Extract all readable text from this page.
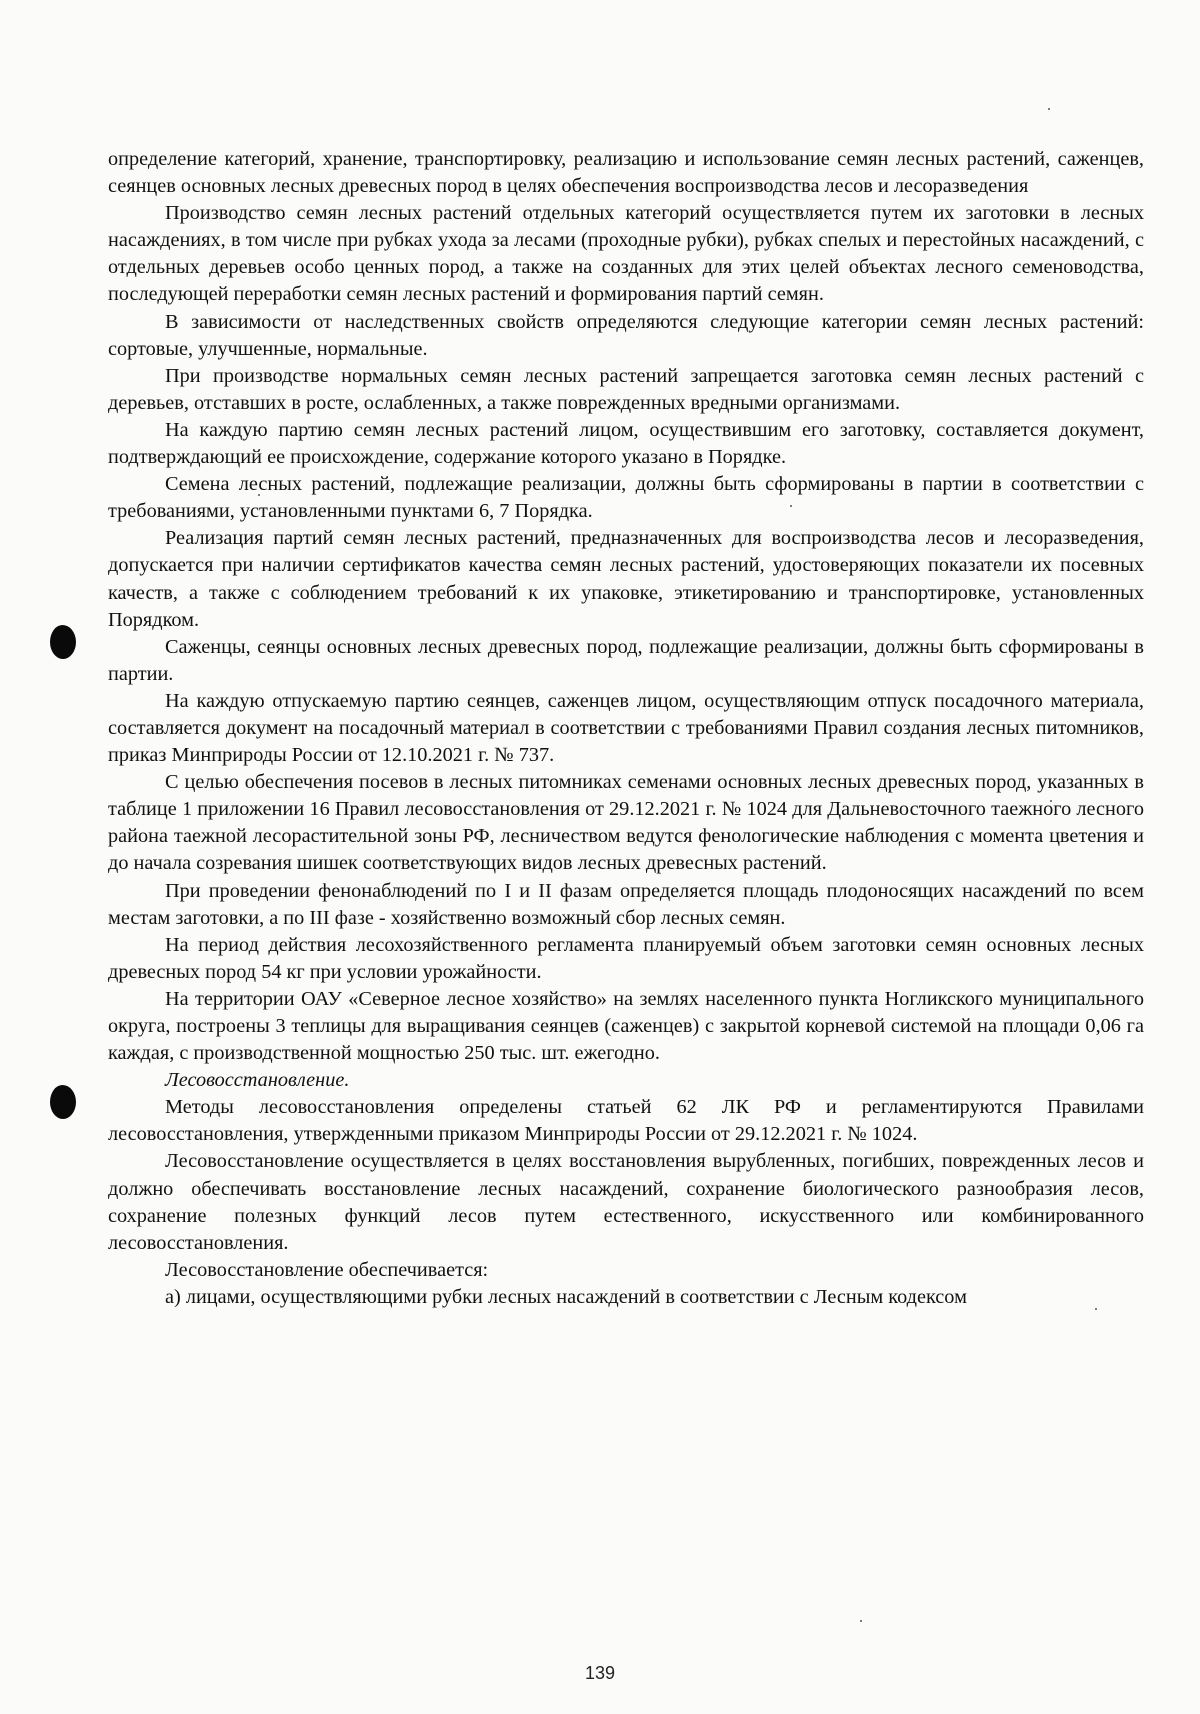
определение категорий, хранение, транспортировку, реализацию и использование семян лесных растений, саженцев, сеянцев основных лесных древесных пород в целях обеспечения воспроизводства лесов и лесоразведения

Производство семян лесных растений отдельных категорий осуществляется путем их заготовки в лесных насаждениях, в том числе при рубках ухода за лесами (проходные рубки), рубках спелых и перестойных насаждений, с отдельных деревьев особо ценных пород, а также на созданных для этих целей объектах лесного семеноводства, последующей переработки семян лесных растений и формирования партий семян.

В зависимости от наследственных свойств определяются следующие категории семян лесных растений: сортовые, улучшенные, нормальные.

При производстве нормальных семян лесных растений запрещается заготовка семян лесных растений с деревьев, отставших в росте, ослабленных, а также поврежденных вредными организмами.

На каждую партию семян лесных растений лицом, осуществившим его заготовку, составляется документ, подтверждающий ее происхождение, содержание которого указано в Порядке.

Семена лесных растений, подлежащие реализации, должны быть сформированы в партии в соответствии с требованиями, установленными пунктами 6, 7 Порядка.

Реализация партий семян лесных растений, предназначенных для воспроизводства лесов и лесоразведения, допускается при наличии сертификатов качества семян лесных растений, удостоверяющих показатели их посевных качеств, а также с соблюдением требований к их упаковке, этикетированию и транспортировке, установленных Порядком.

Саженцы, сеянцы основных лесных древесных пород, подлежащие реализации, должны быть сформированы в партии.

На каждую отпускаемую партию сеянцев, саженцев лицом, осуществляющим отпуск посадочного материала, составляется документ на посадочный материал в соответствии с требованиями Правил создания лесных питомников, приказ Минприроды России от 12.10.2021 г. № 737.

С целью обеспечения посевов в лесных питомниках семенами основных лесных древесных пород, указанных в таблице 1 приложении 16 Правил лесовосстановления от 29.12.2021 г. № 1024 для Дальневосточного таежного лесного района таежной лесорастительной зоны РФ, лесничеством ведутся фенологические наблюдения с момента цветения и до начала созревания шишек соответствующих видов лесных древесных растений.

При проведении фенонаблюдений по I и II фазам определяется площадь плодоносящих насаждений по всем местам заготовки, а по III фазе - хозяйственно возможный сбор лесных семян.

На период действия лесохозяйственного регламента планируемый объем заготовки семян основных лесных древесных пород 54 кг при условии урожайности.

На территории ОАУ «Северное лесное хозяйство» на землях населенного пункта Ногликского муниципального округа, построены 3 теплицы для выращивания сеянцев (саженцев) с закрытой корневой системой на площади 0,06 га каждая, с производственной мощностью 250 тыс. шт. ежегодно.

Лесовосстановление.

Методы лесовосстановления определены статьей 62 ЛК РФ и регламентируются Правилами лесовосстановления, утвержденными приказом Минприроды России от 29.12.2021 г. № 1024.

Лесовосстановление осуществляется в целях восстановления вырубленных, погибших, поврежденных лесов и должно обеспечивать восстановление лесных насаждений, сохранение биологического разнообразия лесов, сохранение полезных функций лесов путем естественного, искусственного или комбинированного лесовосстановления.

Лесовосстановление обеспечивается:

а) лицами, осуществляющими рубки лесных насаждений в соответствии с Лесным кодексом

139
